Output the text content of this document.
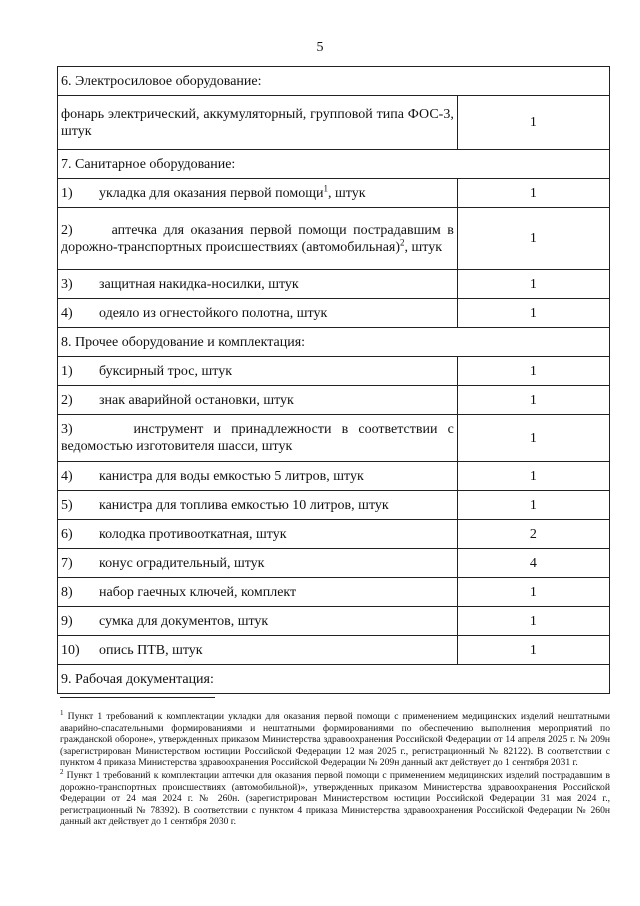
5
6. Электросиловое оборудование:	

фонарь электрический, аккумуляторный, групповой типа ФОС-3, штук	1
7. Санитарное оборудование:	

1) укладка для оказания первой помощи$^1$, штук	1

2)      аптечка для оказания первой помощи пострадавшим в дорожно-транспортных происшествиях (автомобильная)$^2$, штук	1

3) защитная накидка-носилки, штук	1

4) одеяло из огнестойкого полотна, штук	1
8. Прочее оборудование и комплектация:	

1) буксирный трос, штук	1

2) знак аварийной остановки, штук	1

3)      инструмент и принадлежности в соответствии с ведомостью изготовителя шасси, штук	1

4) канистра для воды емкостью 5 литров, штук	1

5) канистра для топлива емкостью 10 литров, штук	1

6) колодка противооткатная, штук	2

7) конус оградительный, штук	4

8) набор гаечных ключей, комплект	1

9) сумка для документов, штук	1

10) опись ПТВ, штук	1
9. Рабочая документация:	

$^1$ Пункт 1 требований к комплектации укладки для оказания первой помощи с применением медицинских изделий нештатными аварийно-спасательными формированиями и нештатными формированиями по обеспечению выполнения мероприятий по гражданской обороне», утвержденных приказом Министерства здравоохранения Российской Федерации от 14 апреля 2025 г. № 209н (зарегистрирован Министерством юстиции Российской Федерации 12 мая 2025 г., регистрационный № 82122). В соответствии с пунктом 4 приказа Министерства здравоохранения Российской Федерации № 209н данный акт действует до 1 сентября 2031 г.

$^2$ Пункт 1 требований к комплектации аптечки для оказания первой помощи с применением медицинских изделий пострадавшим в дорожно-транспортных происшествиях (автомобильной)», утвержденных приказом Министерства здравоохранения Российской Федерации от 24 мая 2024 г. № 260н. (зарегистрирован Министерством юстиции Российской Федерации 31 мая 2024 г., регистрационный № 78392). В соответствии с пунктом 4 приказа Министерства здравоохранения Российской Федерации № 260н данный акт действует до 1 сентября 2030 г.
